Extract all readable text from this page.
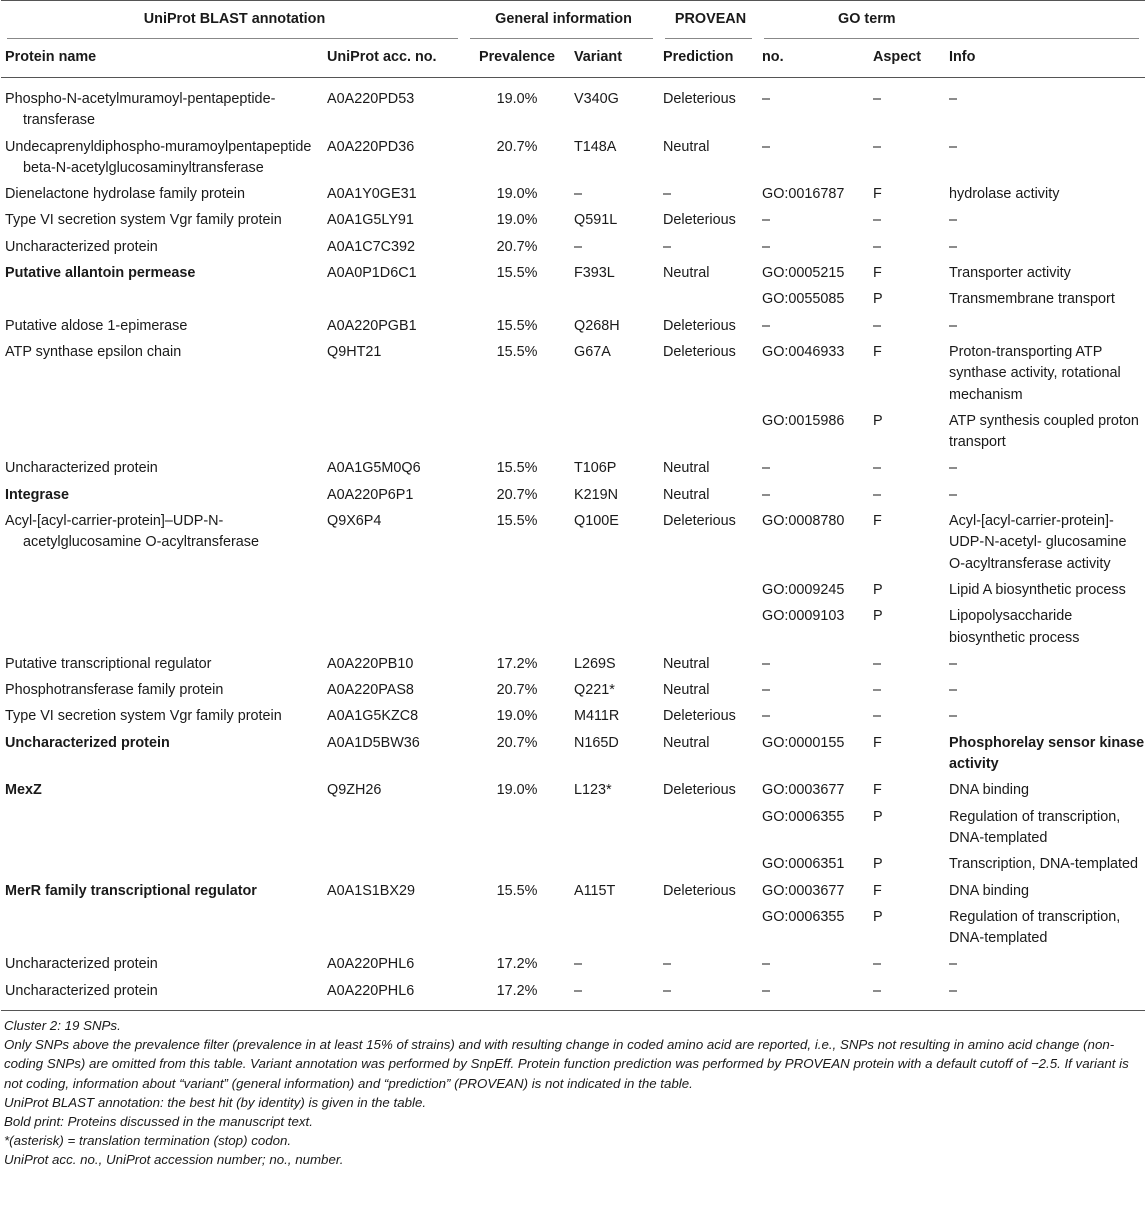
UniProt BLAST annotation		General information		PROVEAN	GO term		
Protein name	UniProt acc. no.	Prevalence	Variant	Prediction	no.	Aspect	Info
Phospho-N-acetylmuramoyl-pentapeptide-transferase	A0A220PD53	19.0%	V340G	Deleterious	–	–	–
Undecaprenyldiphospho-muramoylpentapeptide beta-N-acetylglucosaminyltransferase	A0A220PD36	20.7%	T148A	Neutral	–	–	–
Dienelactone hydrolase family protein	A0A1Y0GE31	19.0%	–	–	GO:0016787	F	hydrolase activity
Type VI secretion system Vgr family protein	A0A1G5LY91	19.0%	Q591L	Deleterious	–	–	–
Uncharacterized protein	A0A1C7C392	20.7%	–	–	–	–	–
Putative allantoin permease	A0A0P1D6C1	15.5%	F393L	Neutral	GO:0005215	F	Transporter activity
					GO:0055085	P	Transmembrane transport
Putative aldose 1-epimerase	A0A220PGB1	15.5%	Q268H	Deleterious	–	–	–
ATP synthase epsilon chain	Q9HT21	15.5%	G67A	Deleterious	GO:0046933	F	Proton-transporting ATP synthase activity, rotational mechanism
					GO:0015986	P	ATP synthesis coupled proton transport
Uncharacterized protein	A0A1G5M0Q6	15.5%	T106P	Neutral	–	–	–
Integrase	A0A220P6P1	20.7%	K219N	Neutral	–	–	–
Acyl-[acyl-carrier-protein]–UDP-N-acetylglucosamine O-acyltransferase	Q9X6P4	15.5%	Q100E	Deleterious	GO:0008780	F	Acyl-[acyl-carrier-protein]-UDP-N-acetyl- glucosamine O-acyltransferase activity
					GO:0009245	P	Lipid A biosynthetic process
					GO:0009103	P	Lipopolysaccharide biosynthetic process
Putative transcriptional regulator	A0A220PB10	17.2%	L269S	Neutral	–	–	–
Phosphotransferase family protein	A0A220PAS8	20.7%	Q221*	Neutral	–	–	–
Type VI secretion system Vgr family protein	A0A1G5KZC8	19.0%	M411R	Deleterious	–	–	–
Uncharacterized protein	A0A1D5BW36	20.7%	N165D	Neutral	GO:0000155	F	Phosphorelay sensor kinase activity
MexZ	Q9ZH26	19.0%	L123*	Deleterious	GO:0003677	F	DNA binding
					GO:0006355	P	Regulation of transcription, DNA-templated
					GO:0006351	P	Transcription, DNA-templated
MerR family transcriptional regulator	A0A1S1BX29	15.5%	A115T	Deleterious	GO:0003677	F	DNA binding
					GO:0006355	P	Regulation of transcription, DNA-templated
Uncharacterized protein	A0A220PHL6	17.2%	–	–	–	–	–
Uncharacterized protein	A0A220PHL6	17.2%	–	–	–	–	–
Cluster 2: 19 SNPs.
Only SNPs above the prevalence filter (prevalence in at least 15% of strains) and with resulting change in coded amino acid are reported, i.e., SNPs not resulting in amino acid change (non-coding SNPs) are omitted from this table. Variant annotation was performed by SnpEff. Protein function prediction was performed by PROVEAN protein with a default cutoff of −2.5. If variant is not coding, information about “variant” (general information) and “prediction” (PROVEAN) is not indicated in the table.
UniProt BLAST annotation: the best hit (by identity) is given in the table.
Bold print: Proteins discussed in the manuscript text.
*(asterisk) = translation termination (stop) codon.
UniProt acc. no., UniProt accession number; no., number.
